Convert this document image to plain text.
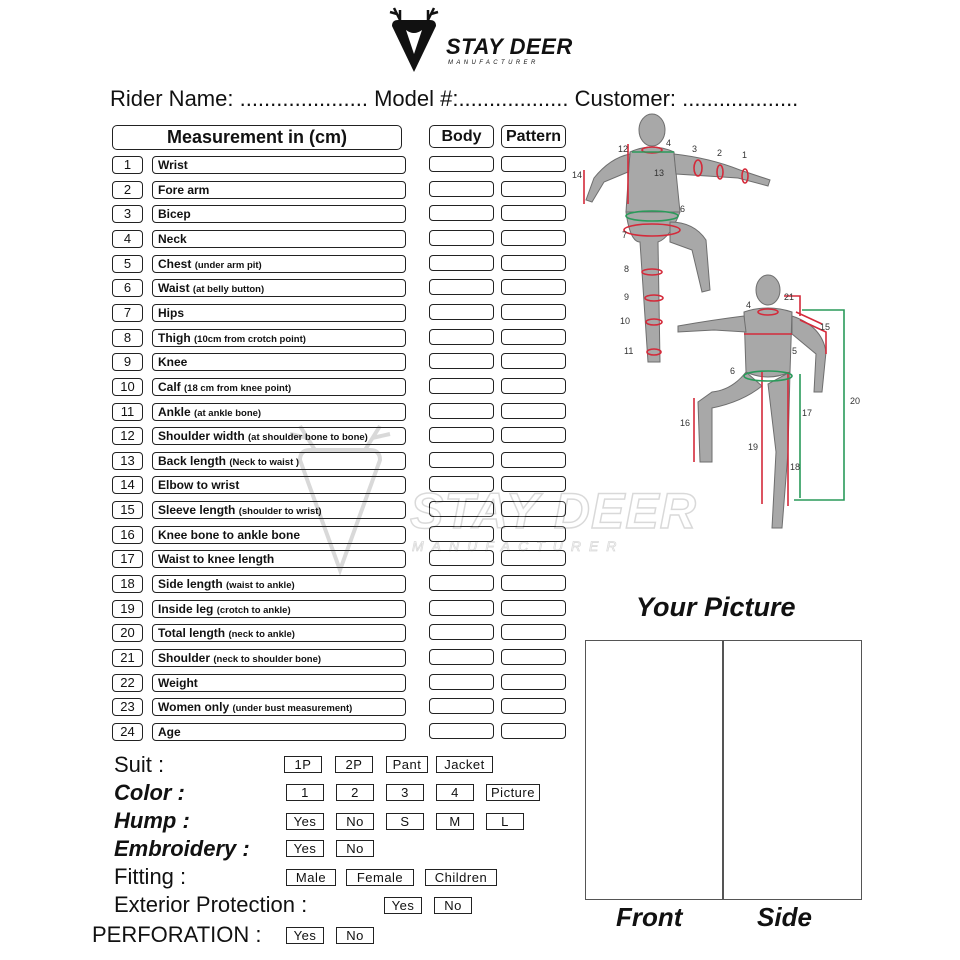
STAY DEER
MANUFACTURER
Rider Name: ..................... Model #:.................. Customer: ...................
Measurement in (cm)	Body	Pattern
1	Wrist
2	Fore arm
3	Bicep
4	Neck
5	Chest (under arm pit)
6	Waist (at belly button)
7	Hips
8	Thigh (10cm from crotch point)
9	Knee
10	Calf (18 cm from knee point)
11	Ankle (at ankle bone)
12	Shoulder width (at shoulder bone to bone)
13	Back length (Neck to waist )
14	Elbow to wrist
15	Sleeve length (shoulder to wrist)
16	Knee bone to ankle bone
17	Waist to knee length
18	Side length (waist to ankle)
19	Inside leg (crotch to ankle)
20	Total length (neck to ankle)
21	Shoulder (neck to shoulder bone)
22	Weight
23	Women only (under bust measurement)
24	Age
STAY DEER
MANUFACTURER
12
4
3 2 1
13
14
6
7
8
9
10
11
4
21
15
5
6
16
17
19
18
20
Suit :	1P	2P	Pant	Jacket
Color :	1	2	3	4	Picture
Hump :	Yes	No	S	M	L
Embroidery :	Yes	No
Fitting :	Male	Female	Children
Exterior Protection :	Yes	No
PERFORATION :	Yes	No
Your Picture
Front	Side
